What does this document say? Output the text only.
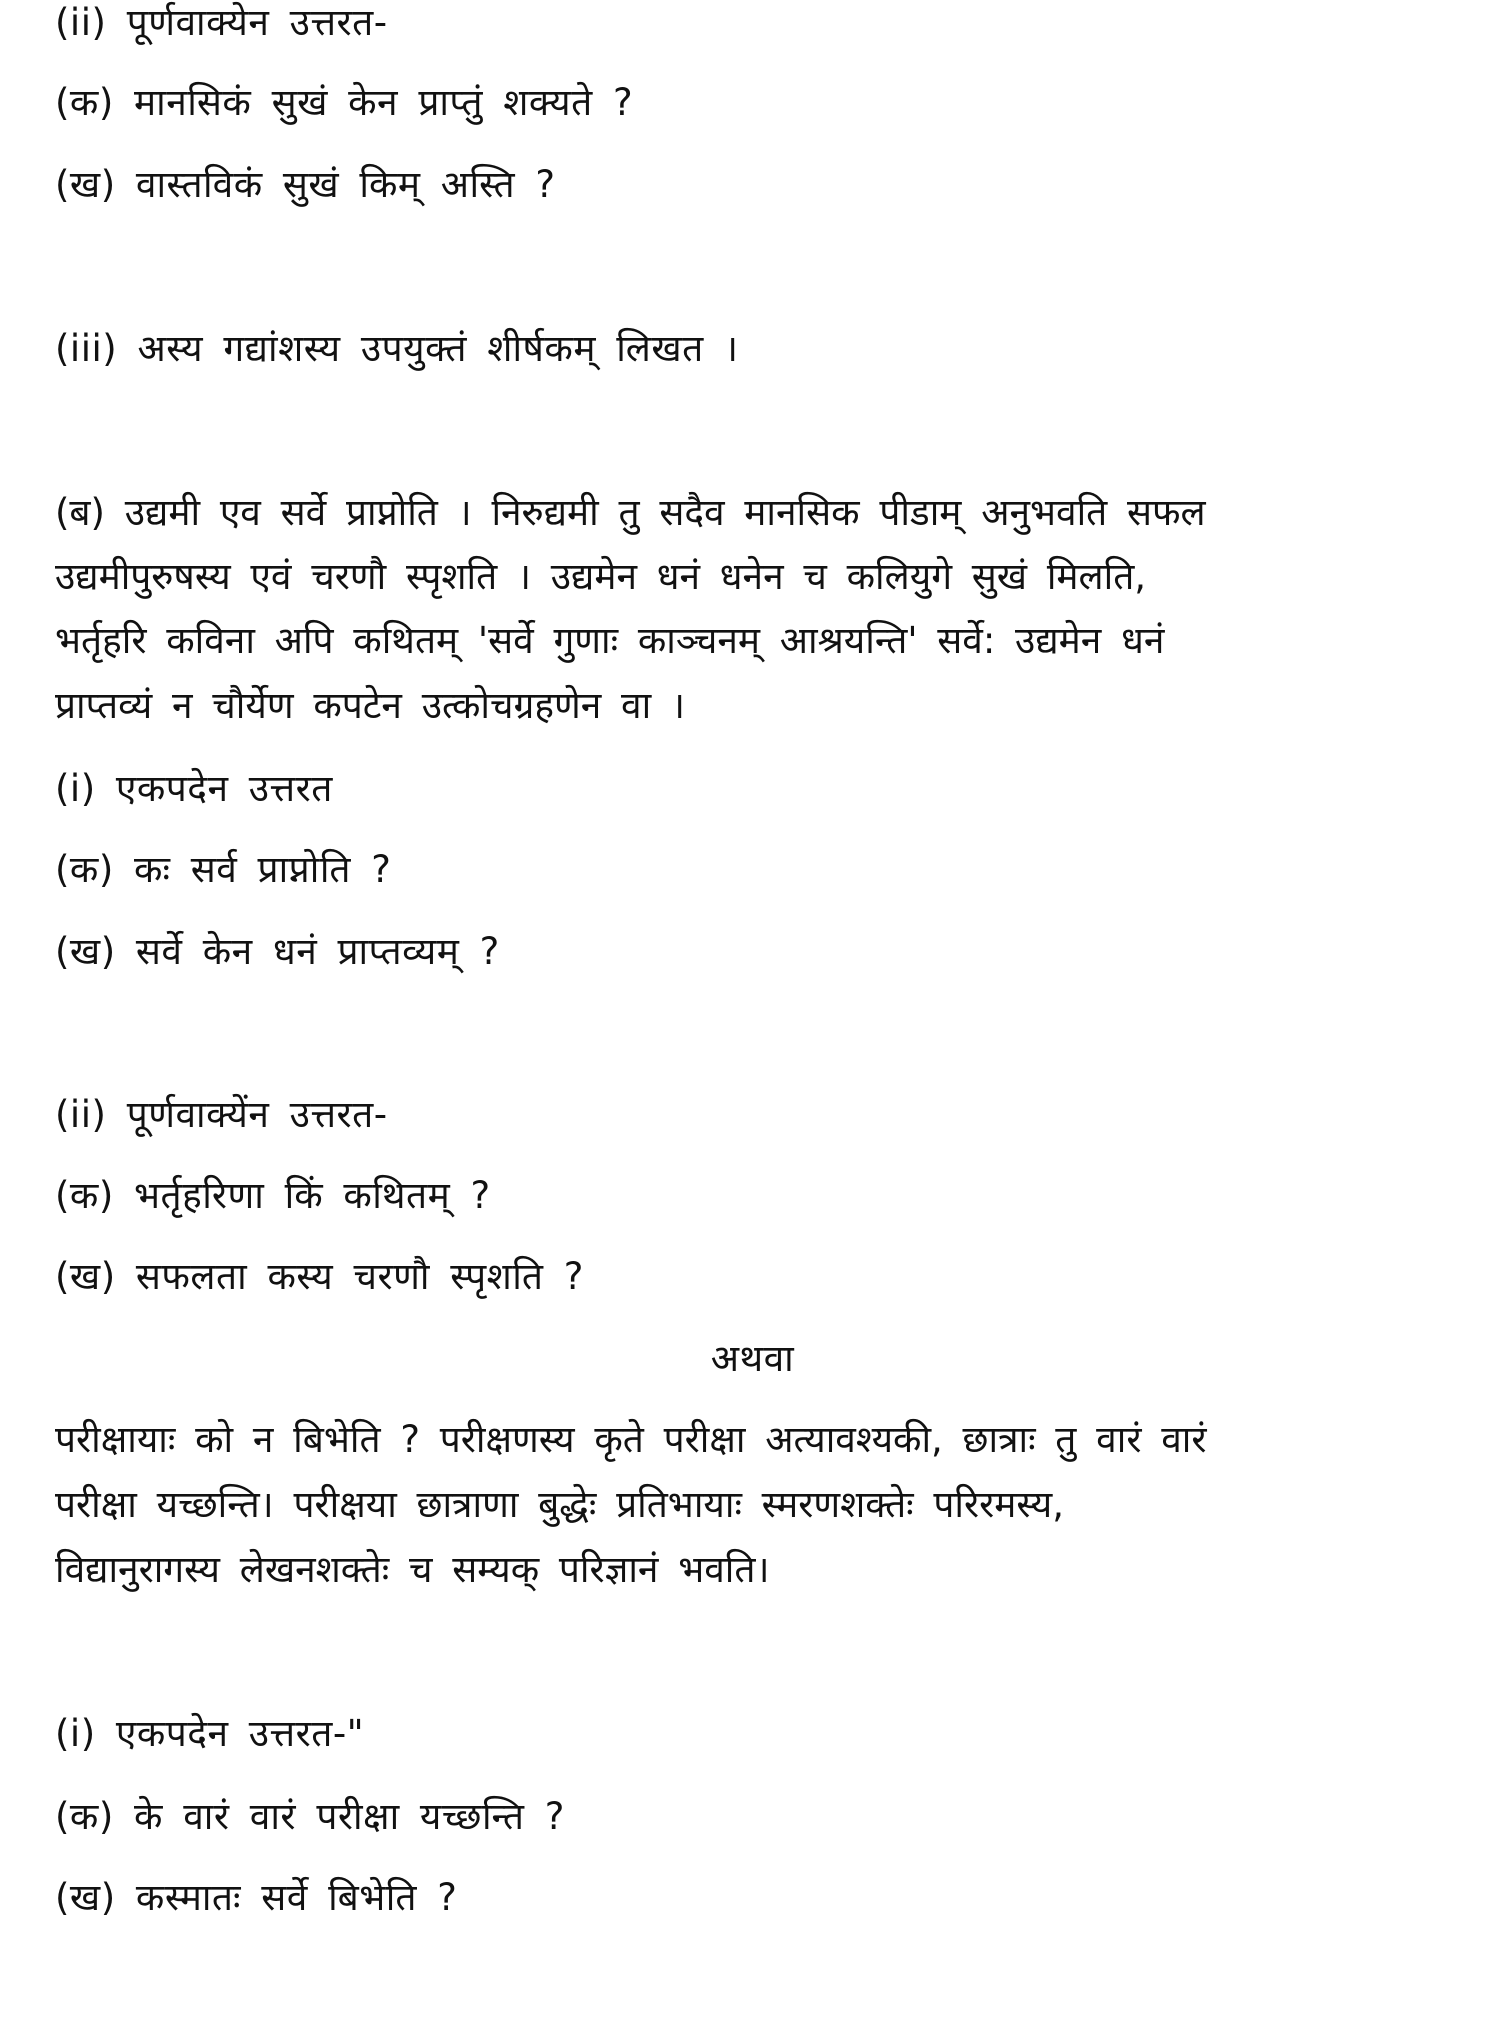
(ii) पूर्णवाक्येन उत्तरत-
(क) मानसिकं सुखं केन प्राप्तुं शक्यते ?
(ख) वास्तविकं सुखं किम् अस्ति ?
(iii) अस्य गद्यांशस्य उपयुक्तं शीर्षकम् लिखत ।
(ब) उद्यमी एव सर्वे प्राप्नोति । निरुद्यमी तु सदैव मानसिक पीडाम् अनुभवति सफल
उद्यमीपुरुषस्य एवं चरणौ स्पृशति । उद्यमेन धनं धनेन च कलियुगे सुखं मिलति,
भर्तृहरि कविना अपि कथितम् 'सर्वे गुणाः काञ्चनम् आश्रयन्ति' सर्वे: उद्यमेन धनं
प्राप्तव्यं न चौर्येण कपटेन उत्कोचग्रहणेन वा ।
(i) एकपदेन उत्तरत
(क) कः सर्व प्राप्नोति ?
(ख) सर्वे केन धनं प्राप्तव्यम् ?
(ii) पूर्णवाक्येंन उत्तरत-
(क) भर्तृहरिणा किं कथितम् ?
(ख) सफलता कस्य चरणौ स्पृशति ?
अथवा
परीक्षायाः को न बिभेति ? परीक्षणस्य कृते परीक्षा अत्यावश्यकी, छात्राः तु वारं वारं
परीक्षा यच्छन्ति। परीक्षया छात्राणा बुद्धेः प्रतिभायाः स्मरणशक्तेः परिरमस्य,
विद्यानुरागस्य लेखनशक्तेः च सम्यक् परिज्ञानं भवति।
(i) एकपदेन उत्तरत-"
(क) के वारं वारं परीक्षा यच्छन्ति ?
(ख) कस्मातः सर्वे बिभेति ?
